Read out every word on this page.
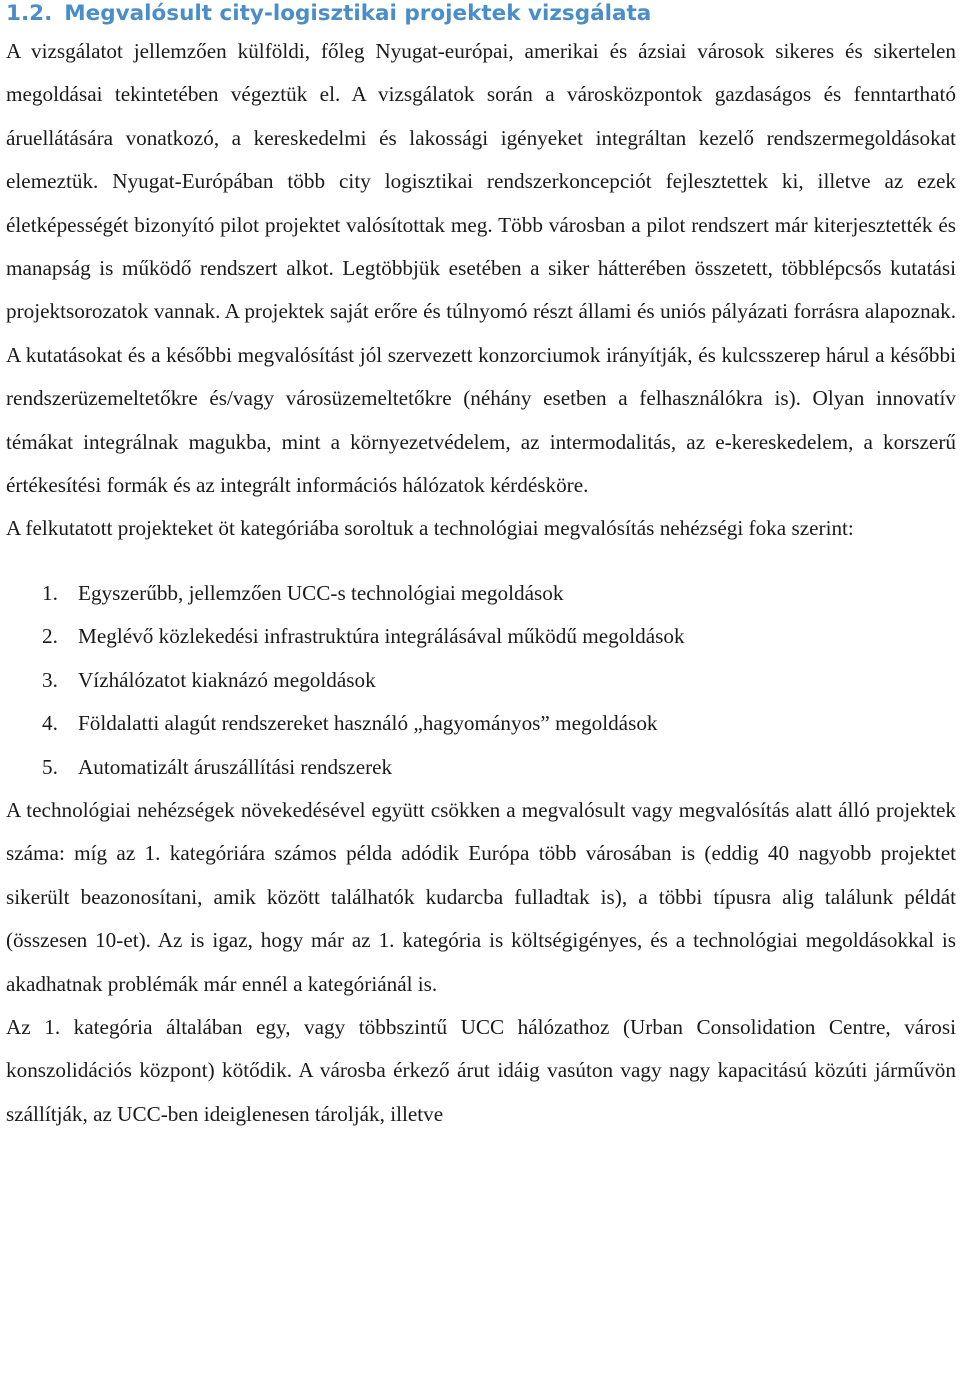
1.2. Megvalósult city-logisztikai projektek vizsgálata

A vizsgálatot jellemzően külföldi, főleg Nyugat-európai, amerikai és ázsiai városok sikeres és sikertelen megoldásai tekintetében végeztük el. A vizsgálatok során a városközpontok gazdaságos és fenntartható áruellátására vonatkozó, a kereskedelmi és lakossági igényeket integráltan kezelő rendszermegoldásokat elemeztük. Nyugat-Európában több city logisztikai rendszerkoncepciót fejlesztettek ki, illetve az ezek életképességét bizonyító pilot projektet valósítottak meg. Több városban a pilot rendszert már kiterjesztették és manapság is működő rendszert alkot. Legtöbbjük esetében a siker hátterében összetett, többlépcsős kutatási projektsorozatok vannak. A projektek saját erőre és túlnyomó részt állami és uniós pályázati forrásra alapoznak. A kutatásokat és a későbbi megvalósítást jól szervezett konzorciumok irányítják, és kulcsszerep hárul a későbbi rendszerüzemeltetőkre és/vagy városüzemeltetőkre (néhány esetben a felhasználókra is). Olyan innovatív témákat integrálnak magukba, mint a környezetvédelem, az intermodalitás, az e-kereskedelem, a korszerű értékesítési formák és az integrált információs hálózatok kérdésköre.

A felkutatott projekteket öt kategóriába soroltuk a technológiai megvalósítás nehézségi foka szerint:

1. Egyszerűbb, jellemzően UCC-s technológiai megoldások
2. Meglévő közlekedési infrastruktúra integrálásával működű megoldások
3. Vízhálózatot kiaknázó megoldások
4. Földalatti alagút rendszereket használó „hagyományos” megoldások
5. Automatizált áruszállítási rendszerek

A technológiai nehézségek növekedésével együtt csökken a megvalósult vagy megvalósítás alatt álló projektek száma: míg az 1. kategóriára számos példa adódik Európa több városában is (eddig 40 nagyobb projektet sikerült beazonosítani, amik között találhatók kudarcba fulladtak is), a többi típusra alig találunk példát (összesen 10-et). Az is igaz, hogy már az 1. kategória is költségigényes, és a technológiai megoldásokkal is akadhatnak problémák már ennél a kategóriánál is.

Az 1. kategória általában egy, vagy többszintű UCC hálózathoz (Urban Consolidation Centre, városi konszolidációs központ) kötődik. A városba érkező árut idáig vasúton vagy nagy kapacitású közúti járművön szállítják, az UCC-ben ideiglenesen tárolják, illetve
